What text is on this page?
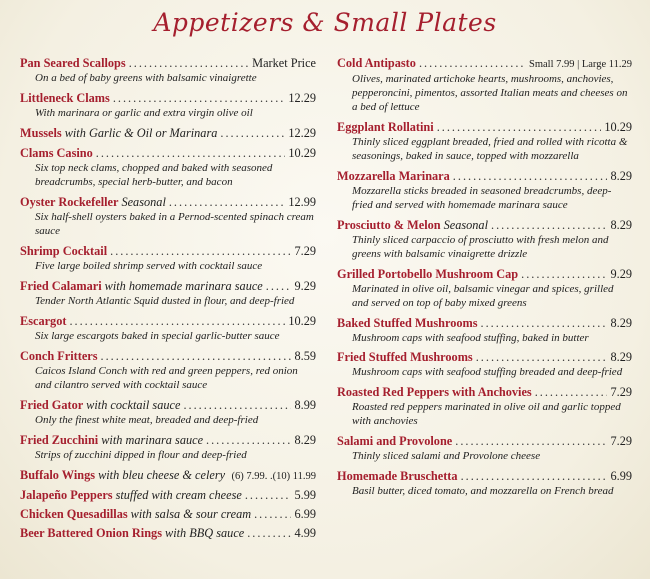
Appetizers & Small Plates
Pan Seared Scallops .....	Market Price
On a bed of baby greens with balsamic vinaigrette
Littleneck Clams .....	12.29
With marinara or garlic and extra virgin olive oil
Mussels with Garlic & Oil or Marinara .....	12.29
Clams Casino .....	10.29
Six top neck clams, chopped and baked with seasoned breadcrumbs, special herb-butter, and bacon
Oyster Rockefeller Seasonal .....	12.99
Six half-shell oysters baked in a Pernod-scented spinach cream sauce
Shrimp Cocktail .....	7.29
Five large boiled shrimp served with cocktail sauce
Fried Calamari with homemade marinara sauce .....	9.29
Tender North Atlantic Squid dusted in flour, and deep-fried
Escargot .....	10.29
Six large escargots baked in special garlic-butter sauce
Conch Fritters .....	8.59
Caicos Island Conch with red and green peppers, red onion and cilantro served with cocktail sauce
Fried Gator with cocktail sauce .....	8.99
Only the finest white meat, breaded and deep-fried
Fried Zucchini with marinara sauce .....	8.29
Strips of zucchini dipped in flour and deep-fried
Buffalo Wings with bleu cheese & celery ..... (6) 7.99. .(10) 11.99
Jalapeño Peppers stuffed with cream cheese .....	5.99
Chicken Quesadillas with salsa & sour cream .....	6.99
Beer Battered Onion Rings with BBQ sauce .....	4.99
Cold Antipasto .....	Small 7.99 | Large 11.29
Olives, marinated artichoke hearts, mushrooms, anchovies, pepperoncini, pimentos, assorted Italian meats and cheeses on a bed of lettuce
Eggplant Rollatini .....	10.29
Thinly sliced eggplant breaded, fried and rolled with ricotta & seasonings, baked in sauce, topped with mozzarella
Mozzarella Marinara .....	8.29
Mozzarella sticks breaded in seasoned breadcrumbs, deep-fried and served with homemade marinara sauce
Prosciutto & Melon Seasonal .....	8.29
Thinly sliced carpaccio of prosciutto with fresh melon and greens with balsamic vinaigrette drizzle
Grilled Portobello Mushroom Cap .....	9.29
Marinated in olive oil, balsamic vinegar and spices, grilled and served on top of baby mixed greens
Baked Stuffed Mushrooms .....	8.29
Mushroom caps with seafood stuffing, baked in butter
Fried Stuffed Mushrooms .....	8.29
Mushroom caps with seafood stuffing breaded and deep-fried
Roasted Red Peppers with Anchovies .....	7.29
Roasted red peppers marinated in olive oil and garlic topped with anchovies
Salami and Provolone .....	7.29
Thinly sliced salami and Provolone cheese
Homemade Bruschetta .....	6.99
Basil butter, diced tomato, and mozzarella on French bread
